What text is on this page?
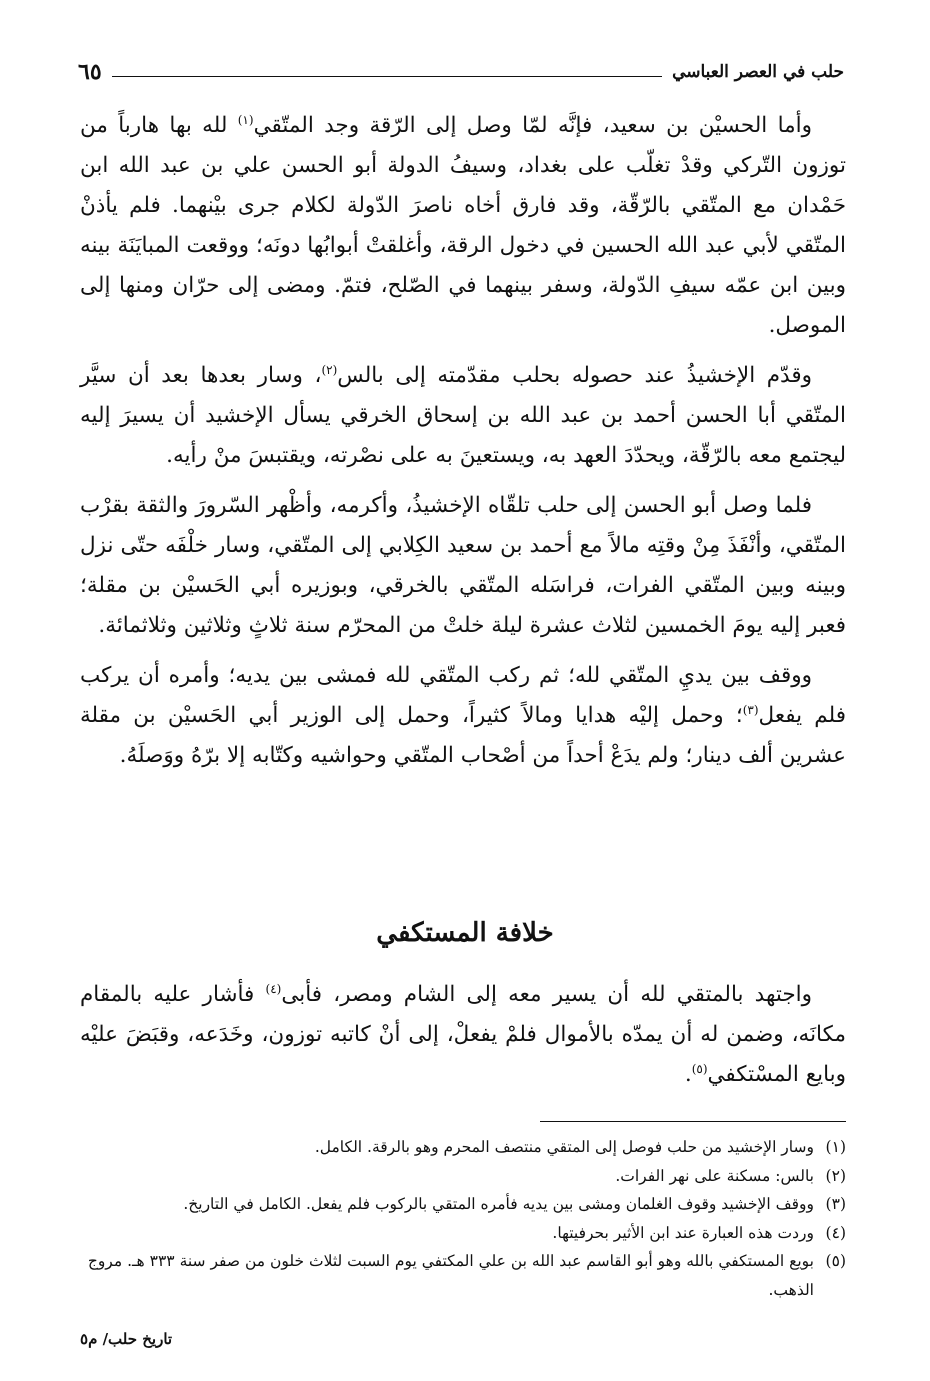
حلب في العصر العباسي
٦٥

وأما الحسيْن بن سعيد، فإنَّه لمّا وصل إلى الرّقة وجد المتّقي$^{(١)}$ لله بها هارباً من توزون التّركي وقدْ تغلّب على بغداد، وسيفُ الدولة أبو الحسن علي بن عبد الله ابن حَمْدان مع المتّقي بالرّقّة، وقد فارق أخاه ناصرَ الدّولة لكلام جرى بيْنهما. فلم يأذنْ المتّقي لأبي عبد الله الحسين في دخول الرقة، وأغلقتْ أبوابُها دونَه؛ ووقعت المبايَنَة بينه وبين ابن عمّه سيفِ الدّولة، وسفر بينهما في الصّلح، فتمّ. ومضى إلى حرّان ومنها إلى الموصل.

وقدّم الإخشيذُ عند حصوله بحلب مقدّمته إلى بالس$^{(٢)}$، وسار بعدها بعد أن سيَّر المتّقي أبا الحسن أحمد بن عبد الله بن إسحاق الخرقي يسأل الإخشيد أن يسيرَ إليه ليجتمع معه بالرّقّة، ويحدّدَ العهد به، ويستعينَ به على نصْرته، ويقتبسَ منْ رأيه.

فلما وصل أبو الحسن إلى حلب تلقّاه الإخشيذُ، وأكرمه، وأظْهر السّرورَ والثقة بقرْب المتّقي، وأنْفَذَ مِنْ وقتِه مالاً مع أحمد بن سعيد الكِلابي إلى المتّقي، وسار خلْفَه حتّى نزل وبينه وبين المتّقي الفرات، فراسَله المتّقي بالخرقي، وبوزيره أبي الحَسيْن بن مقلة؛ فعبر إليه يومَ الخمسين لثلاث عشرة ليلة خلتْ من المحرّم سنة ثلاثٍ وثلاثين وثلاثمائة.

ووقف بين يديِ المتّقي لله؛ ثم ركب المتّقي لله فمشى بين يديه؛ وأمره أن يركب فلم يفعل$^{(٣)}$؛ وحمل إليْه هدايا ومالاً كثيراً، وحمل إلى الوزير أبي الحَسيْن بن مقلة عشرين ألف دينار؛ ولم يدَعْ أحداً من أصْحاب المتّقي وحواشيه وكتّابه إلا برّهُ ووَصلَهُ.

خلافة المستكفي

واجتهد بالمتقي لله أن يسير معه إلى الشام ومصر، فأبى$^{(٤)}$ فأشار عليه بالمقام مكانَه، وضمن له أن يمدّه بالأموال فلمْ يفعلْ، إلى أنْ كاتبه توزون، وخَدَعه، وقبَضَ عليْه وبايع المسْتكفي$^{(٥)}$.

(١)
وسار الإخشيد من حلب فوصل إلى المتقي منتصف المحرم وهو بالرقة. الكامل.
(٢)
بالس: مسكنة على نهر الفرات.
(٣)
ووقف الإخشيد وقوف الغلمان ومشى بين يديه فأمره المتقي بالركوب فلم يفعل. الكامل في التاريخ.
(٤)
وردت هذه العبارة عند ابن الأثير بحرفيتها.
(٥)
بويع المستكفي بالله وهو أبو القاسم عبد الله بن علي المكتفي يوم السبت لثلاث خلون من صفر سنة ٣٣٣ هـ. مروج الذهب.
تاريخ حلب/ م٥
